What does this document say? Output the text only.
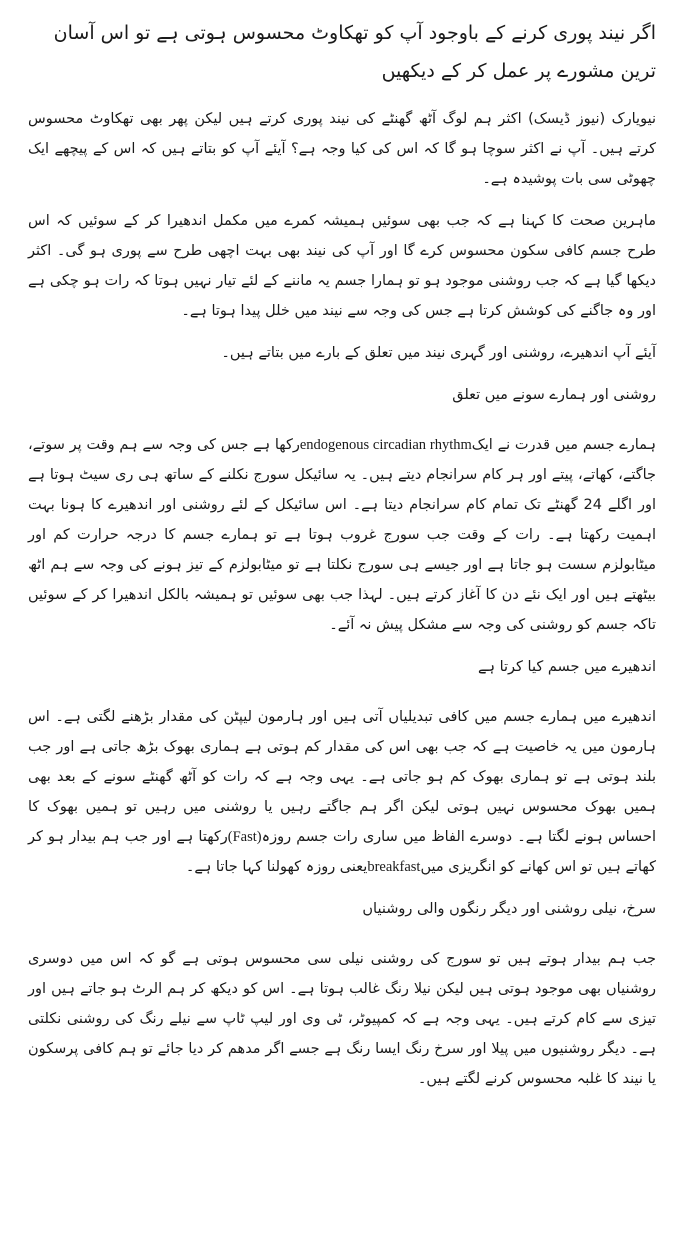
اگر نیند پوری کرنے کے باوجود آپ کو تھکاوٹ محسوس ہوتی ہے تو اس آسان ترین مشورے پر عمل کر کے دیکھیں

نیویارک (نیوز ڈیسک) اکثر ہم لوگ آٹھ گھنٹے کی نیند پوری کرتے ہیں لیکن پھر بھی تھکاوٹ محسوس کرتے ہیں۔ آپ نے اکثر سوچا ہو گا کہ اس کی کیا وجہ ہے؟ آیئے آپ کو بتاتے ہیں کہ اس کے پیچھے ایک چھوٹی سی بات پوشیدہ ہے۔

ماہرین صحت کا کہنا ہے کہ جب بھی سوئیں ہمیشہ کمرے میں مکمل اندھیرا کر کے سوئیں کہ اس طرح جسم کافی سکون محسوس کرے گا اور آپ کی نیند بھی بہت اچھی طرح سے پوری ہو گی۔ اکثر دیکھا گیا ہے کہ جب روشنی موجود ہو تو ہمارا جسم یہ ماننے کے لئے تیار نہیں ہوتا کہ رات ہو چکی ہے اور وہ جاگنے کی کوشش کرتا ہے جس کی وجہ سے نیند میں خلل پیدا ہوتا ہے۔

آیئے آپ اندھیرے، روشنی اور گہری نیند میں تعلق کے بارے میں بتاتے ہیں۔

روشنی اور ہمارے سونے میں تعلق

ہمارے جسم میں قدرت نے ایکendogenous circadian rhythmرکھا ہے جس کی وجہ سے ہم وقت پر سوتے، جاگتے، کھاتے، پیتے اور ہر کام سرانجام دیتے ہیں۔ یہ سائیکل سورج نکلنے کے ساتھ ہی ری سیٹ ہوتا ہے اور اگلے 24 گھنٹے تک تمام کام سرانجام دیتا ہے۔ اس سائیکل کے لئے روشنی اور اندھیرے کا ہونا بہت اہمیت رکھتا ہے۔ رات کے وقت جب سورج غروب ہوتا ہے تو ہمارے جسم کا درجہ حرارت کم اور میٹابولزم سست ہو جاتا ہے اور جیسے ہی سورج نکلتا ہے تو میٹابولزم کے تیز ہونے کی وجہ سے ہم اٹھ بیٹھتے ہیں اور ایک نئے دن کا آغاز کرتے ہیں۔ لہذا جب بھی سوئیں تو ہمیشہ بالکل اندھیرا کر کے سوئیں تاکہ جسم کو روشنی کی وجہ سے مشکل پیش نہ آئے۔

اندھیرے میں جسم کیا کرتا ہے

اندھیرے میں ہمارے جسم میں کافی تبدیلیاں آتی ہیں اور ہارمون لیپٹن کی مقدار بڑھنے لگتی ہے۔ اس ہارمون میں یہ خاصیت ہے کہ جب بھی اس کی مقدار کم ہوتی ہے ہماری بھوک بڑھ جاتی ہے اور جب بلند ہوتی ہے تو ہماری بھوک کم ہو جاتی ہے۔ یہی وجہ ہے کہ رات کو آٹھ گھنٹے سونے کے بعد بھی ہمیں بھوک محسوس نہیں ہوتی لیکن اگر ہم جاگتے رہیں یا روشنی میں رہیں تو ہمیں بھوک کا احساس ہونے لگتا ہے۔ دوسرے الفاظ میں ساری رات جسم روزہ(Fast)رکھتا ہے اور جب ہم بیدار ہو کر کھاتے ہیں تو اس کھانے کو انگریزی میںbreakfastیعنی روزہ کھولنا کہا جاتا ہے۔

سرخ، نیلی روشنی اور دیگر رنگوں والی روشنیاں

جب ہم بیدار ہوتے ہیں تو سورج کی روشنی نیلی سی محسوس ہوتی ہے گو کہ اس میں دوسری روشنیاں بھی موجود ہوتی ہیں لیکن نیلا رنگ غالب ہوتا ہے۔ اس کو دیکھ کر ہم الرٹ ہو جاتے ہیں اور تیزی سے کام کرتے ہیں۔ یہی وجہ ہے کہ کمپیوٹر، ٹی وی اور لیپ ٹاپ سے نیلے رنگ کی روشنی نکلتی ہے۔ دیگر روشنیوں میں پیلا اور سرخ رنگ ایسا رنگ ہے جسے اگر مدھم کر دیا جائے تو ہم کافی پرسکون یا نیند کا غلبہ محسوس کرنے لگتے ہیں۔
